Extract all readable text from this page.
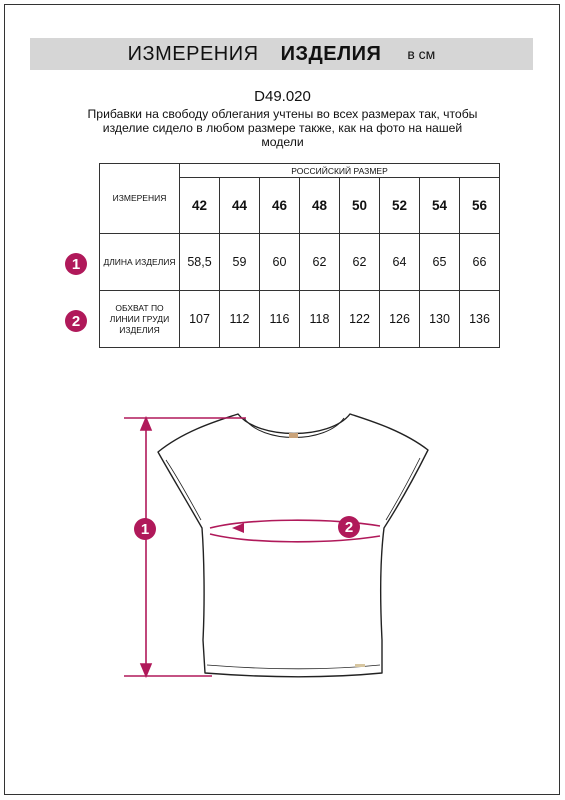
ИЗМЕРЕНИЯ ИЗДЕЛИЯ в см
D49.020
Прибавки на свободу облегания учтены во всех размерах так, чтобы изделие сидело в любом размере также, как на фото на нашей модели
ИЗМЕРЕНИЯ	РОССИЙСКИЙ РАЗМЕР							
	42	44	46	48	50	52	54	56
ДЛИНА ИЗДЕЛИЯ	58,5	59	60	62	62	64	65	66
ОБХВАТ ПО ЛИНИИ ГРУДИ ИЗДЕЛИЯ	107	112	116	118	122	126	130	136
1
2
1	2
